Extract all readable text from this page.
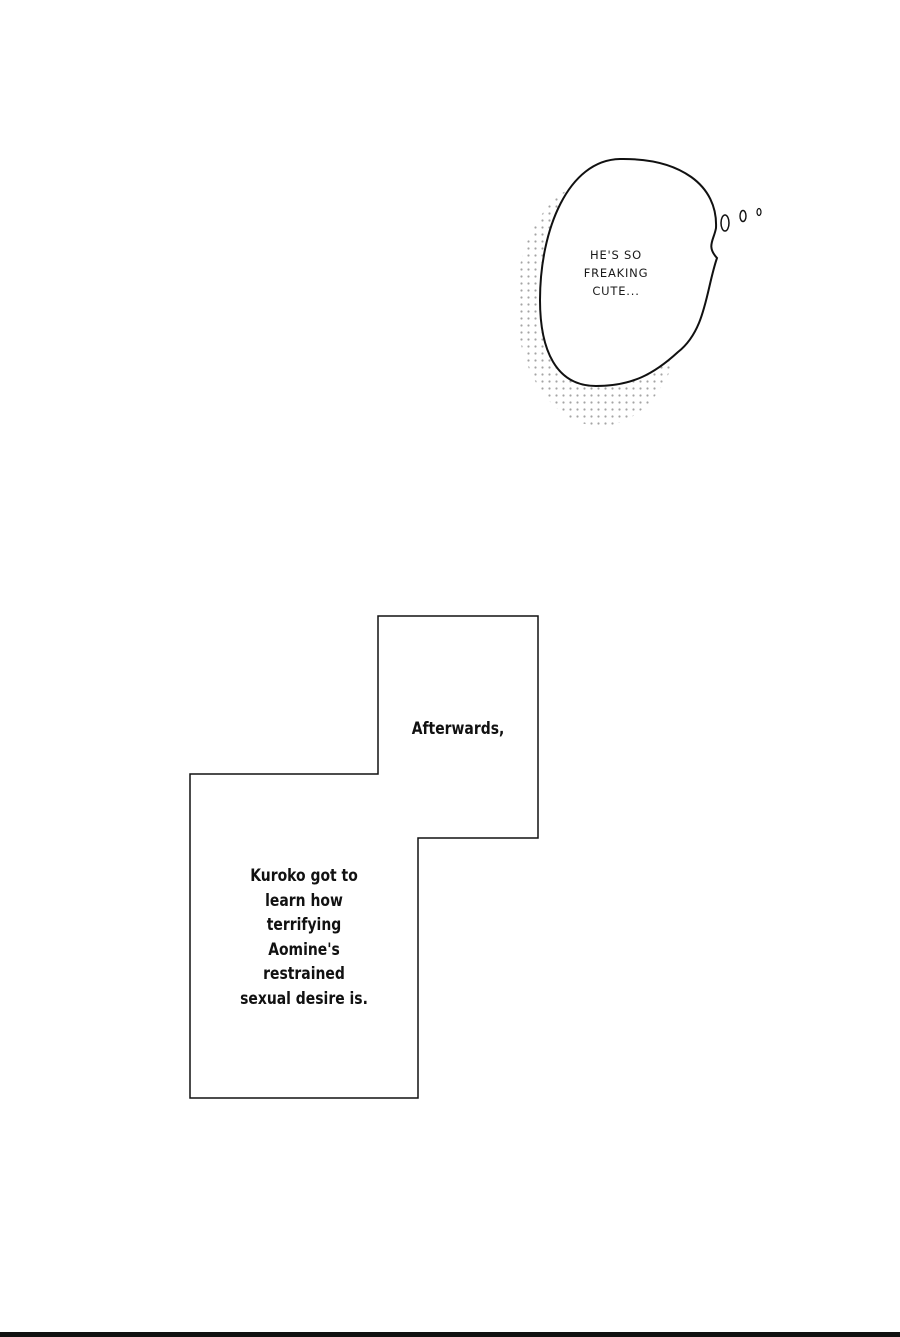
HE'S SO
FREAKING
CUTE...
Afterwards,
Kuroko got to
learn how
terrifying
Aomine's
restrained
sexual desire is.
